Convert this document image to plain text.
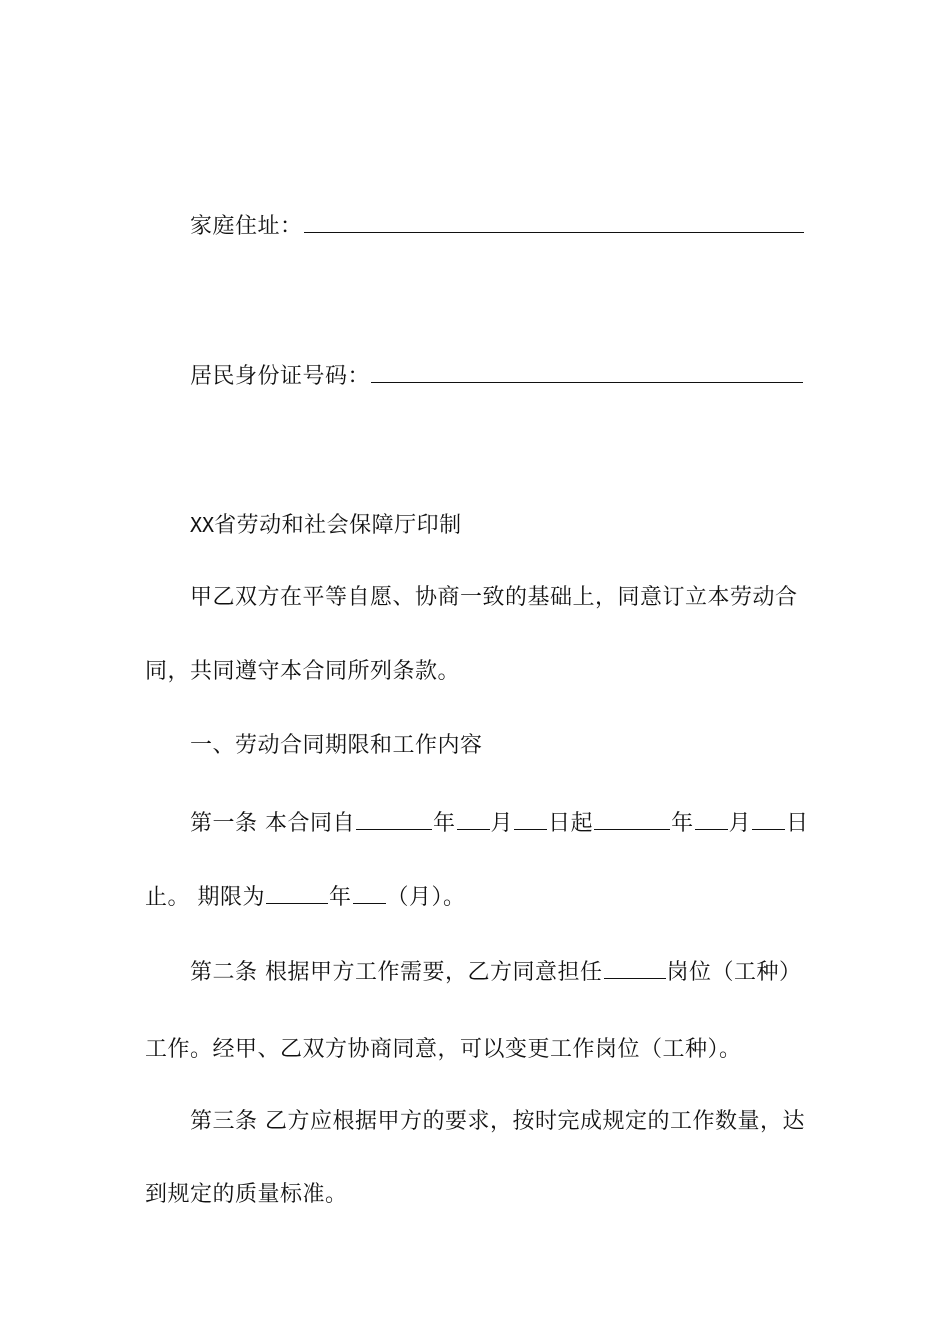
家庭住址：
居民身份证号码：
XX省劳动和社会保障厅印制
甲乙双方在平等自愿、协商一致的基础上，同意订立本劳动合
同，共同遵守本合同所列条款。
一、劳动合同期限和工作内容
第一条 本合同自	年 月 日起	年 月 日
止。 期限为	年 （月）。
第二条 根据甲方工作需要，乙方同意担任	岗位（工种）
工作。经甲、乙双方协商同意，可以变更工作岗位（工种）。
第三条 乙方应根据甲方的要求，按时完成规定的工作数量，达
到规定的质量标准。
